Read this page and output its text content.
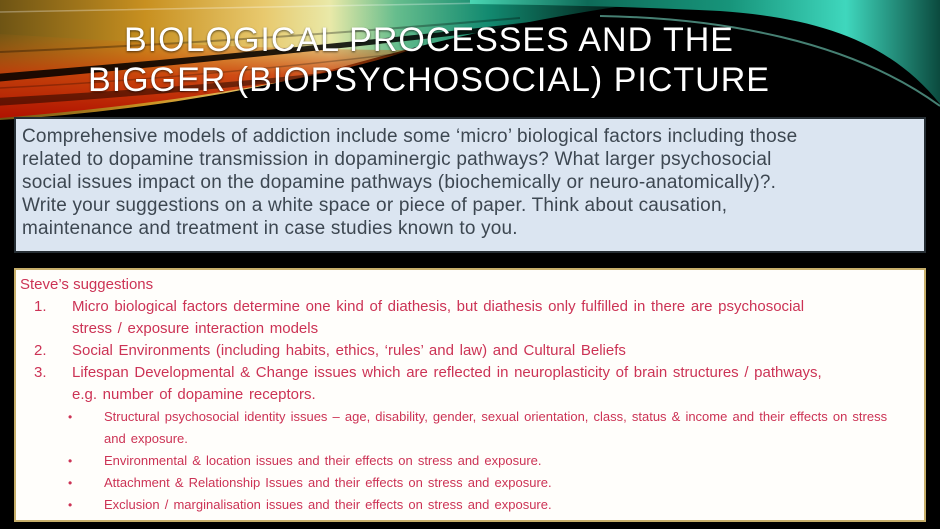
BIOLOGICAL PROCESSES AND THE
BIGGER (BIOPSYCHOSOCIAL) PICTURE
Comprehensive models of addiction include some ‘micro’ biological factors including those
related to dopamine transmission in dopaminergic pathways? What larger psychosocial
social issues impact on the dopamine pathways (biochemically or neuro-anatomically)?.
Write your suggestions on a white space or piece of paper. Think about causation,
maintenance and treatment in case studies known to you.

Steve’s suggestions

1.	Micro biological factors determine one kind of diathesis, but diathesis only fulfilled in there are psychosocial stress / exposure interaction models
2.	Social Environments (including habits, ethics, ‘rules’ and law) and Cultural Beliefs
3.	Lifespan Developmental & Change issues which are reflected in neuroplasticity of brain structures / pathways, e.g. number of dopamine receptors.
•	Structural psychosocial identity issues – age, disability, gender, sexual orientation, class, status & income and their effects on stress and exposure.
•	Environmental & location issues and their effects on stress and exposure.
•	Attachment & Relationship Issues and their effects on stress and exposure.
•	Exclusion / marginalisation issues and their effects on stress and exposure.
